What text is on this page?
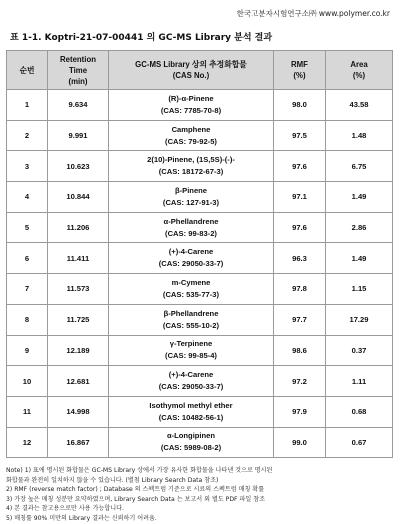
한국고분자시험연구소㈜ www.polymer.co.kr
표 1-1. Koptri-21-07-00441 의 GC-MS Library 분석 결과
순번	Retention
Time
(min)	GC-MS Library 상의 추정화합물
(CAS No.)	RMF
(%)	Area
(%)
1	9.634	(R)-α-Pinene
(CAS: 7785-70-8)	98.0	43.58
2	9.991	Camphene
(CAS: 79-92-5)	97.5	1.48
3	10.623	2(10)-Pinene, (1S,5S)-(-)-
(CAS: 18172-67-3)	97.6	6.75
4	10.844	β-Pinene
(CAS: 127-91-3)	97.1	1.49
5	11.206	α-Phellandrene
(CAS: 99-83-2)	97.6	2.86
6	11.411	(+)-4-Carene
(CAS: 29050-33-7)	96.3	1.49
7	11.573	m-Cymene
(CAS: 535-77-3)	97.8	1.15
8	11.725	β-Phellandrene
(CAS: 555-10-2)	97.7	17.29
9	12.189	γ-Terpinene
(CAS: 99-85-4)	98.6	0.37
10	12.681	(+)-4-Carene
(CAS: 29050-33-7)	97.2	1.11
11	14.998	Isothymol methyl ether
(CAS: 10482-56-1)	97.9	0.68
12	16.867	α-Longipinen
(CAS: 5989-08-2)	99.0	0.67
Note) 1) 표에 명시된 화합물은 GC-MS Library 상에서 가장 유사한 화합물을 나타낸 것으로 명시된
화합물과 완전히 일치하지 않을 수 있습니다. (별첨 Library Search Data 참조)
2) RMF (reverse match factor) ; Database 의 스펙트럼 기준으로 시료의 스펙트럼 매칭 확률
3) 가장 높은 매칭 성분만 요약하였으며, Library Search Data 는 보고서 외 별도 PDF 파일 참조
4) 본 결과는 참고용으로만 사용 가능합니다.
5) 매칭률 90% 미만의 Library 결과는 신뢰하기 어려움.
